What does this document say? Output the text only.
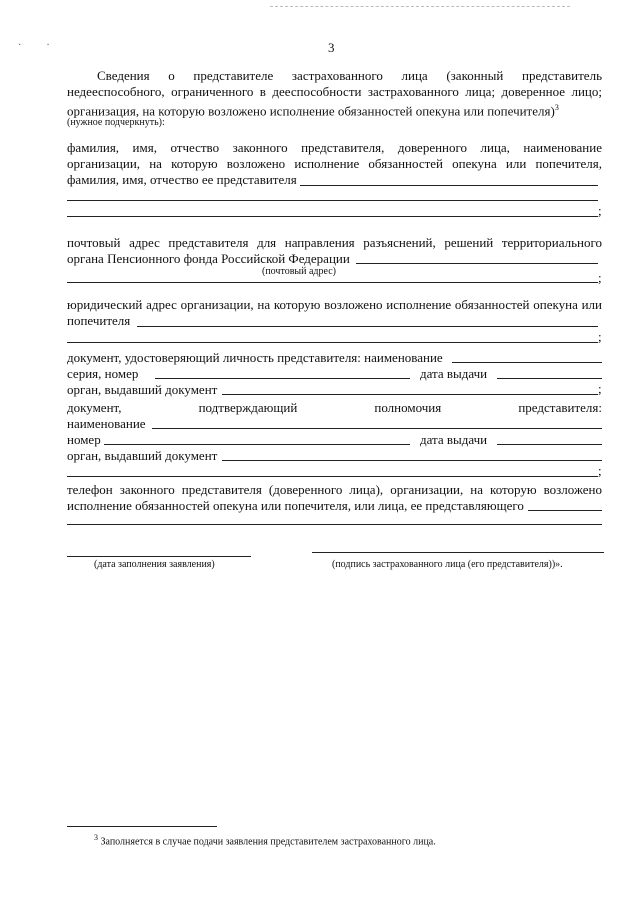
·          ·	3
Сведения о представителе застрахованного лица (законный представитель
недееспособного, ограниченного в дееспособности застрахованного лица; доверенное лицо;
организация, на которую возложено исполнение обязанностей опекуна или попечителя)$^3$
(нужное подчеркнуть):
фамилия, имя, отчество законного представителя, доверенного лица, наименование
организации, на которую возложено исполнение обязанностей опекуна или попечителя,
фамилия, имя, отчество ее представителя
;
почтовый адрес представителя для направления разъяснений, решений территориального
органа Пенсионного фонда Российской Федерации
(почтовый адрес)	;
юридический адрес организации, на которую возложено исполнение обязанностей опекуна или
попечителя
;
документ, удостоверяющий личность представителя: наименование
серия, номер	дата выдачи
орган, выдавший документ	;
документ, подтверждающий полномочия представителя:
наименование
номер	дата выдачи
орган, выдавший документ
;
телефон законного представителя (доверенного лица), организации, на которую возложено
исполнение обязанностей опекуна или попечителя, или лица, ее представляющего
(дата заполнения заявления)	(подпись застрахованного лица (его представителя))».
$^3$ Заполняется в случае подачи заявления представителем застрахованного лица.
